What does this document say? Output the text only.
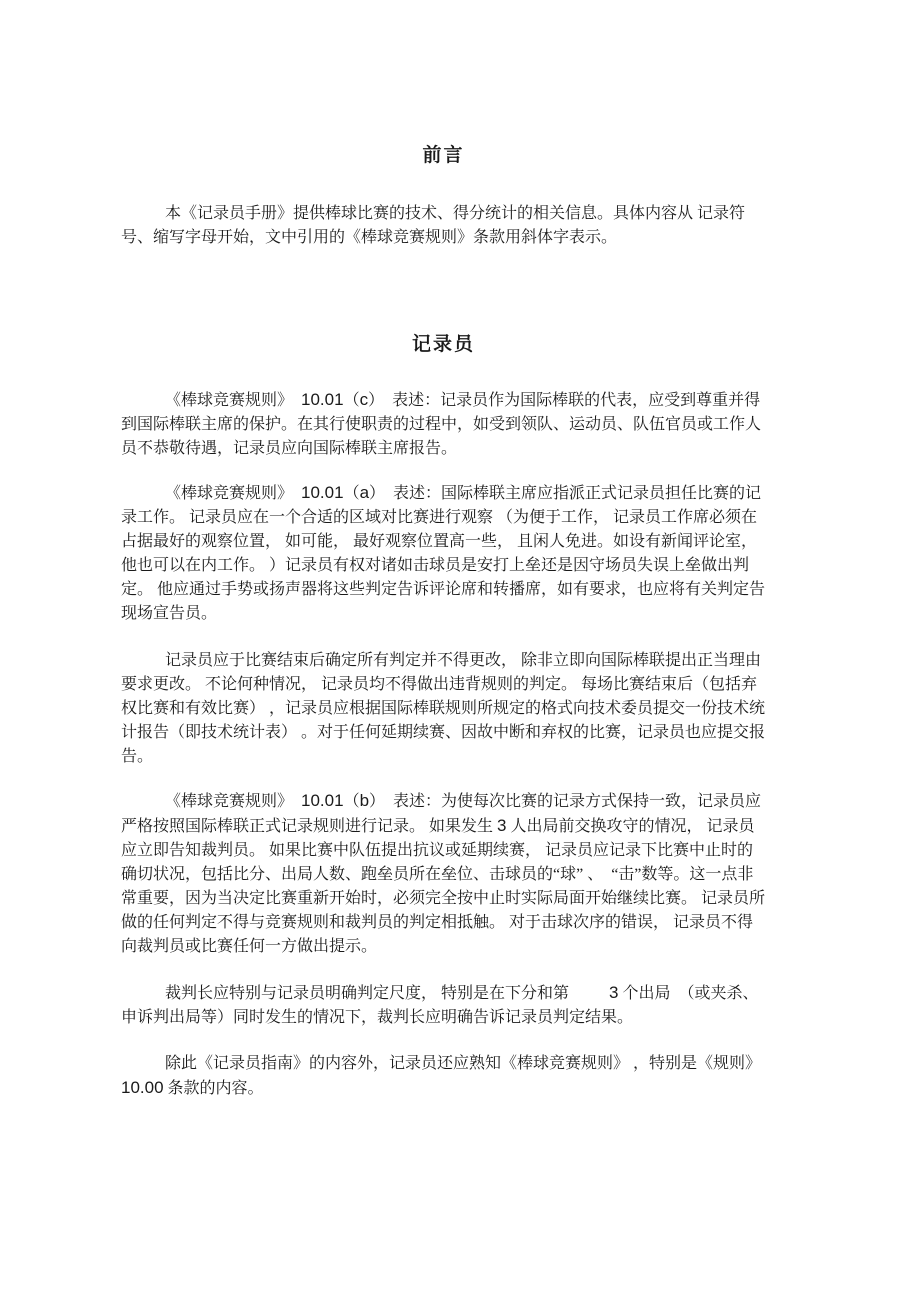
前言

本《记录员手册》提供棒球比赛的技术、得分统计的相关信息。具体内容从 记录符号、缩写字母开始，文中引用的《棒球竞赛规则》条款用斜体字表示。

记录员

《棒球竞赛规则》  10.01（c）  表述：记录员作为国际棒联的代表，应受到尊重并得到国际棒联主席的保护。在其行使职责的过程中，如受到领队、运动员、队伍官员或工作人员不恭敬待遇，记录员应向国际棒联主席报告。

《棒球竞赛规则》  10.01（a）  表述：国际棒联主席应指派正式记录员担任比赛的记录工作。 记录员应在一个合适的区域对比赛进行观察 （为便于工作， 记录员工作席必须在占据最好的观察位置， 如可能， 最好观察位置高一些， 且闲人免进。如设有新闻评论室，他也可以在内工作。 ）记录员有权对诸如击球员是安打上垒还是因守场员失误上垒做出判定。 他应通过手势或扬声器将这些判定告诉评论席和转播席，如有要求，也应将有关判定告现场宣告员。

记录员应于比赛结束后确定所有判定并不得更改， 除非立即向国际棒联提出正当理由要求更改。 不论何种情况， 记录员均不得做出违背规则的判定。 每场比赛结束后（包括弃权比赛和有效比赛） ，记录员应根据国际棒联规则所规定的格式向技术委员提交一份技术统计报告（即技术统计表） 。对于任何延期续赛、因故中断和弃权的比赛，记录员也应提交报告。

《棒球竞赛规则》  10.01（b）  表述：为使每次比赛的记录方式保持一致，记录员应严格按照国际棒联正式记录规则进行记录。 如果发生 3 人出局前交换攻守的情况， 记录员应立即告知裁判员。 如果比赛中队伍提出抗议或延期续赛， 记录员应记录下比赛中止时的确切状况，包括比分、出局人数、跑垒员所在垒位、击球员的“球” 、  “击”数等。这一点非常重要，因为当决定比赛重新开始时，必须完全按中止时实际局面开始继续比赛。 记录员所做的任何判定不得与竞赛规则和裁判员的判定相抵触。 对于击球次序的错误， 记录员不得向裁判员或比赛任何一方做出提示。

裁判长应特别与记录员明确判定尺度， 特别是在下分和第          3 个出局  （或夹杀、申诉判出局等）同时发生的情况下，裁判长应明确告诉记录员判定结果。

除此《记录员指南》的内容外，记录员还应熟知《棒球竞赛规则》 ，特别是《规则》  10.00 条款的内容。
